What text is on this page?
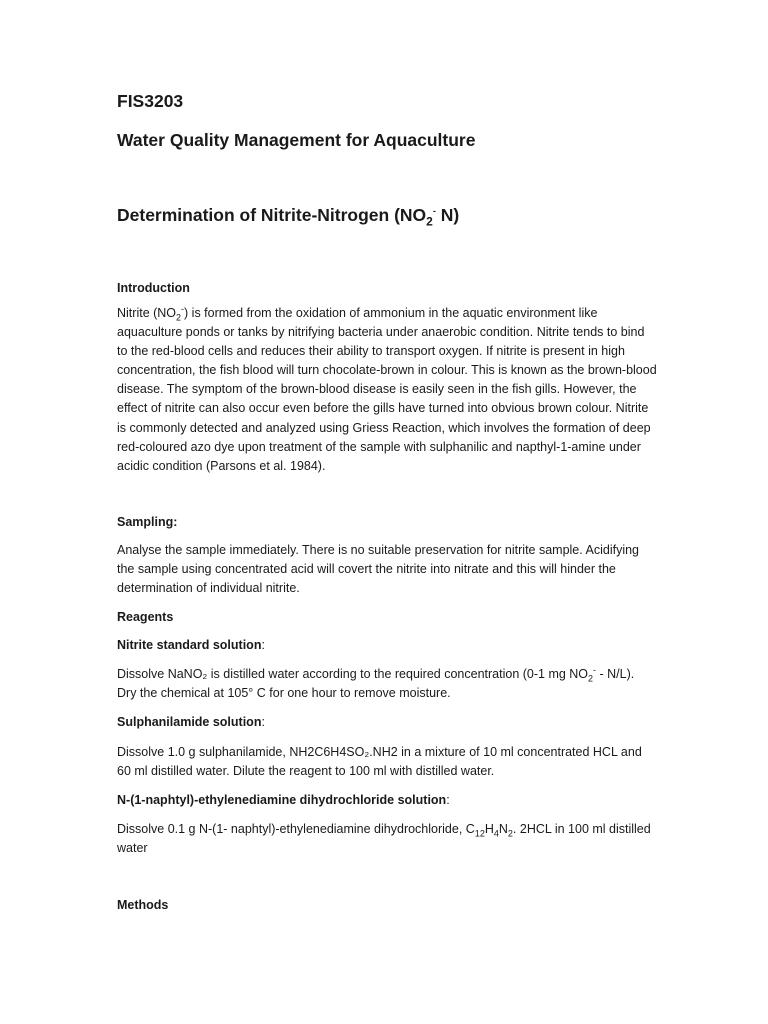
FIS3203
Water Quality Management for Aquaculture
Determination of Nitrite-Nitrogen ($NO_2^-$ N)
Introduction

Nitrite $(NO_2^-)$ is formed from the oxidation of ammonium in the aquatic environment like aquaculture ponds or tanks by nitrifying bacteria under anaerobic condition. Nitrite tends to bind to the red-blood cells and reduces their ability to transport oxygen. If nitrite is present in high concentration, the fish blood will turn chocolate-brown in colour. This is known as the brown-blood disease. The symptom of the brown-blood disease is easily seen in the fish gills. However, the effect of nitrite can also occur even before the gills have turned into obvious brown colour. Nitrite is commonly detected and analyzed using Griess Reaction, which involves the formation of deep red-coloured azo dye upon treatment of the sample with sulphanilic and napthyl-1-amine under acidic condition (Parsons et al. 1984).

Sampling:

Analyse the sample immediately. There is no suitable preservation for nitrite sample. Acidifying the sample using concentrated acid will covert the nitrite into nitrate and this will hinder the determination of individual nitrite.

Reagents

Nitrite standard solution:

Dissolve NaNO₂ is distilled water according to the required concentration (0-1 mg $NO_2^- - N/L$). Dry the chemical at 105° C for one hour to remove moisture.

Sulphanilamide solution:

Dissolve 1.0 g sulphanilamide, NH2C6H4SO₂.NH2 in a mixture of 10 ml concentrated HCL and 60 ml distilled water. Dilute the reagent to 100 ml with distilled water.

N-(1-naphtyl)-ethylenediamine dihydrochloride solution:

Dissolve 0.1 g N-(1- naphtyl)-ethylenediamine dihydrochloride, $C_{12}H_4N_2$. 2HCL in 100 ml distilled water

Methods
